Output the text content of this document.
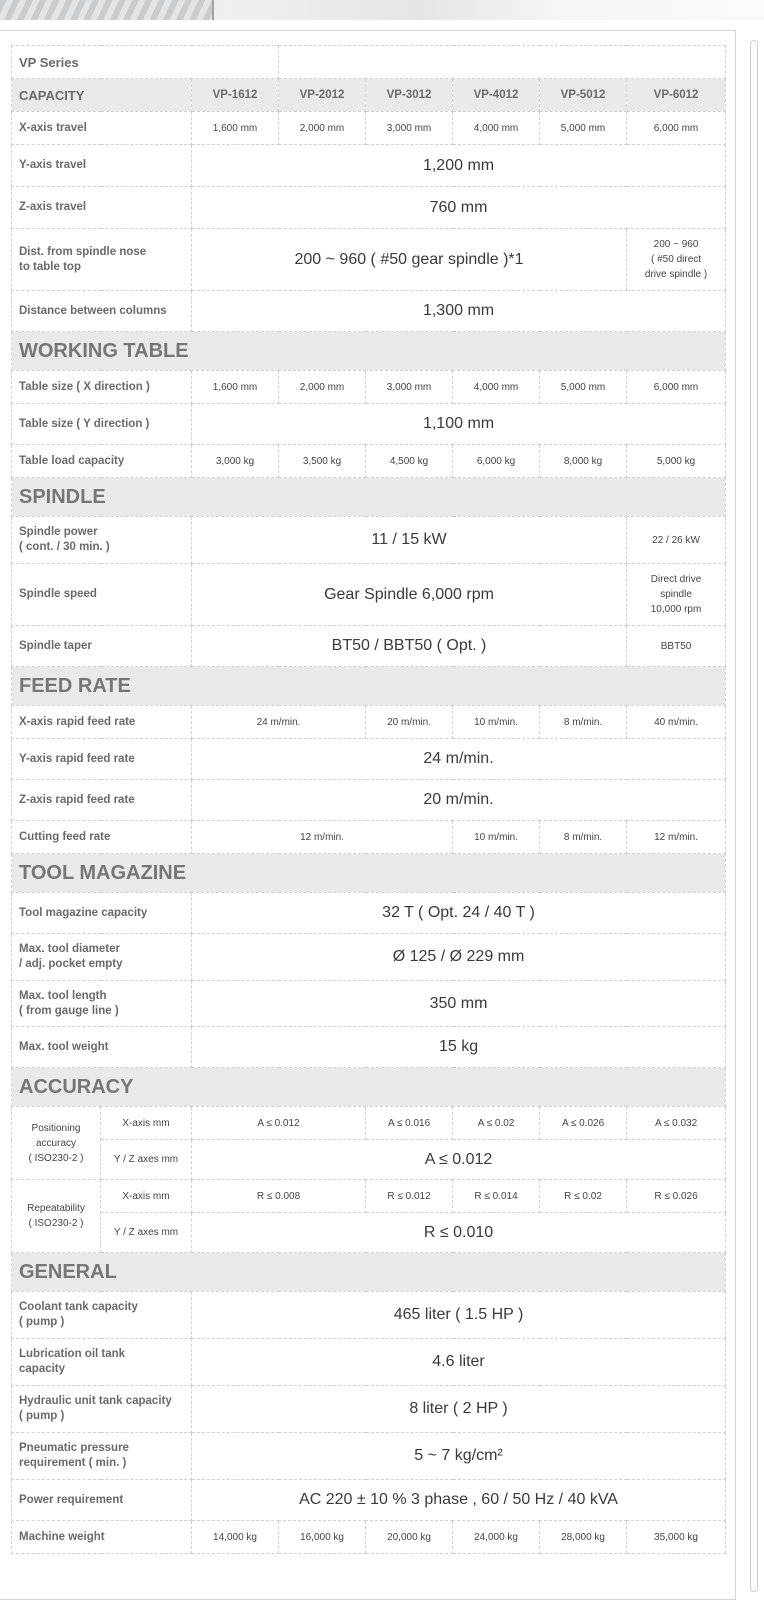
VP Series							
CAPACITY		VP-1612	VP-2012	VP-3012	VP-4012	VP-5012	VP-6012
X-axis travel		1,600 mm	2,000 mm	3,000 mm	4,000 mm	5,000 mm	6,000 mm
Y-axis travel		1,200 mm					
Z-axis travel		760 mm					
Dist. from spindle nose
to table top		200 ~ 960 ( #50 gear spindle )*1					200 ~ 960
( #50 direct
drive spindle )
Distance between columns		1,300 mm					
WORKING TABLE							
Table size ( X direction )		1,600 mm	2,000 mm	3,000 mm	4,000 mm	5,000 mm	6,000 mm
Table size ( Y direction )		1,100 mm					
Table load capacity		3,000 kg	3,500 kg	4,500 kg	6,000 kg	8,000 kg	5,000 kg
SPINDLE							
Spindle power
( cont. / 30 min. )		11 / 15 kW					22 / 26 kW
Spindle speed		Gear Spindle 6,000 rpm					Direct drive
spindle
10,000 rpm
Spindle taper		BT50 / BBT50 ( Opt. )					BBT50
FEED RATE							
X-axis rapid feed rate		24 m/min.		20 m/min.	10 m/min.	8 m/min.	40 m/min.
Y-axis rapid feed rate		24 m/min.					
Z-axis rapid feed rate		20 m/min.					
Cutting feed rate		12 m/min.			10 m/min.	8 m/min.	12 m/min.
TOOL MAGAZINE							
Tool magazine capacity		32 T ( Opt. 24 / 40 T )					
Max. tool diameter
/ adj. pocket empty		Ø 125 / Ø 229 mm					
Max. tool length
( from gauge line )		350 mm					
Max. tool weight		15 kg					
ACCURACY							
Positioning
accuracy
( ISO230-2 )	X-axis mm	A ≤ 0.012		A ≤ 0.016	A ≤ 0.02	A ≤ 0.026	A ≤ 0.032
	Y / Z axes mm	A ≤ 0.012					
Repeatability
( ISO230-2 )	X-axis mm	R ≤ 0.008		R ≤ 0.012	R ≤ 0.014	R ≤ 0.02	R ≤ 0.026
	Y / Z axes mm	R ≤ 0.010					
GENERAL							
Coolant tank capacity
( pump )		465 liter ( 1.5 HP )					
Lubrication oil tank
capacity		4.6 liter					
Hydraulic unit tank capacity
( pump )		8 liter ( 2 HP )					
Pneumatic pressure
requirement ( min. )		5 ~ 7 kg/cm²					
Power requirement		AC 220 ± 10 % 3 phase , 60 / 50 Hz / 40 kVA					
Machine weight		14,000 kg	16,000 kg	20,000 kg	24,000 kg	28,000 kg	35,000 kg
